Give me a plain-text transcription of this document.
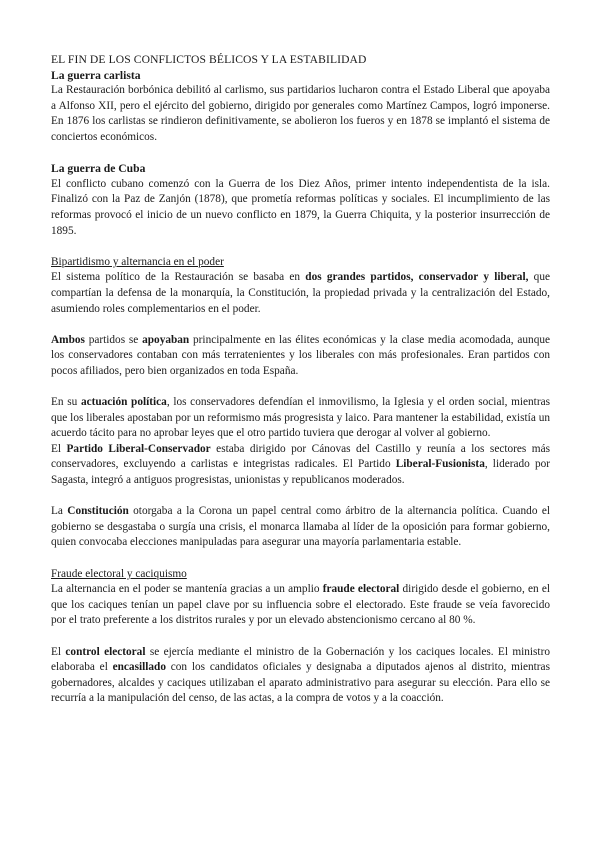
EL FIN DE LOS CONFLICTOS BÉLICOS Y LA ESTABILIDAD

La guerra carlista

La Restauración borbónica debilitó al carlismo, sus partidarios lucharon contra el Estado Liberal que apoyaba a Alfonso XII, pero el ejército del gobierno, dirigido por generales como Martínez Campos, logró imponerse. En 1876 los carlistas se rindieron definitivamente, se abolieron los fueros y en 1878 se implantó el sistema de conciertos económicos.

La guerra de Cuba

El conflicto cubano comenzó con la Guerra de los Diez Años, primer intento independentista de la isla. Finalizó con la Paz de Zanjón (1878), que prometía reformas políticas y sociales. El incumplimiento de las reformas provocó el inicio de un nuevo conflicto en 1879, la Guerra Chiquita, y la posterior insurrección de 1895.

Bipartidismo y alternancia en el poder

El sistema político de la Restauración se basaba en dos grandes partidos, conservador y liberal, que compartían la defensa de la monarquía, la Constitución, la propiedad privada y la centralización del Estado, asumiendo roles complementarios en el poder.

Ambos partidos se apoyaban principalmente en las élites económicas y la clase media acomodada, aunque los conservadores contaban con más terratenientes y los liberales con más profesionales. Eran partidos con pocos afiliados, pero bien organizados en toda España.

En su actuación política, los conservadores defendían el inmovilismo, la Iglesia y el orden social, mientras que los liberales apostaban por un reformismo más progresista y laico. Para mantener la estabilidad, existía un acuerdo tácito para no aprobar leyes que el otro partido tuviera que derogar al volver al gobierno.

El Partido Liberal-Conservador estaba dirigido por Cánovas del Castillo y reunía a los sectores más conservadores, excluyendo a carlistas e integristas radicales. El Partido Liberal-Fusionista, liderado por Sagasta, integró a antiguos progresistas, unionistas y republicanos moderados.

La Constitución otorgaba a la Corona un papel central como árbitro de la alternancia política. Cuando el gobierno se desgastaba o surgía una crisis, el monarca llamaba al líder de la oposición para formar gobierno, quien convocaba elecciones manipuladas para asegurar una mayoría parlamentaria estable.

Fraude electoral y caciquismo

La alternancia en el poder se mantenía gracias a un amplio fraude electoral dirigido desde el gobierno, en el que los caciques tenían un papel clave por su influencia sobre el electorado. Este fraude se veía favorecido por el trato preferente a los distritos rurales y por un elevado abstencionismo cercano al 80 %.

El control electoral se ejercía mediante el ministro de la Gobernación y los caciques locales. El ministro elaboraba el encasillado con los candidatos oficiales y designaba a diputados ajenos al distrito, mientras gobernadores, alcaldes y caciques utilizaban el aparato administrativo para asegurar su elección. Para ello se recurría a la manipulación del censo, de las actas, a la compra de votos y a la coacción.
